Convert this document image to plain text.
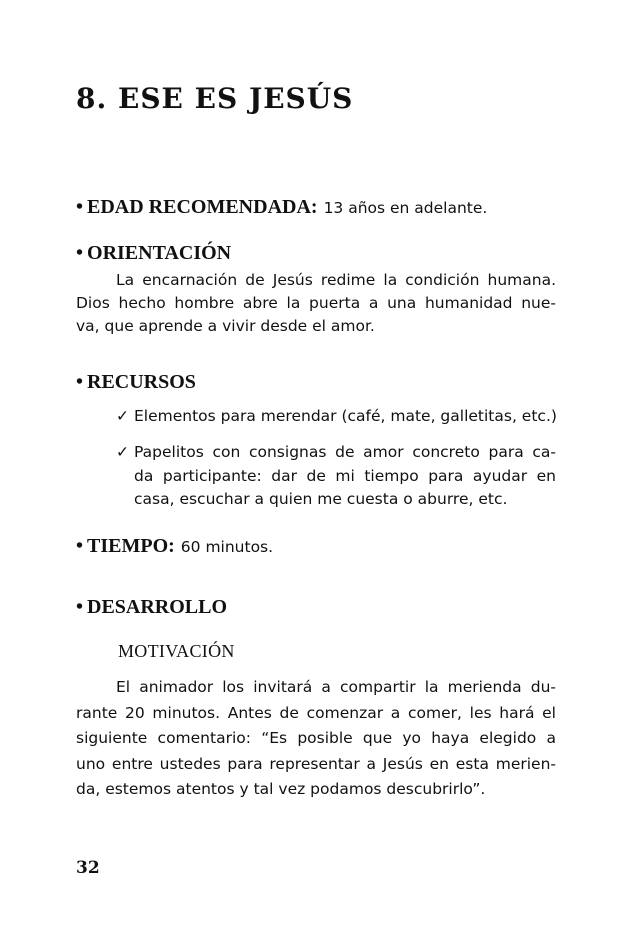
8. ESE ES JESÚS
• EDAD RECOMENDADA: 13 años en adelante.
• ORIENTACIÓN
La encarnación de Jesús redime la condición humana.
Dios hecho hombre abre la puerta a una humanidad nue-
va, que aprende a vivir desde el amor.
• RECURSOS
✓ Elementos para merendar (café, mate, galletitas, etc.)
✓ Papelitos con consignas de amor concreto para ca-
da participante: dar de mi tiempo para ayudar en
casa, escuchar a quien me cuesta o aburre, etc.
• TIEMPO: 60 minutos.
• DESARROLLO
MOTIVACIÓN
El animador los invitará a compartir la merienda du-
rante 20 minutos. Antes de comenzar a comer, les hará el
siguiente comentario: “Es posible que yo haya elegido a
uno entre ustedes para representar a Jesús en esta merien-
da, estemos atentos y tal vez podamos descubrirlo”.
32
